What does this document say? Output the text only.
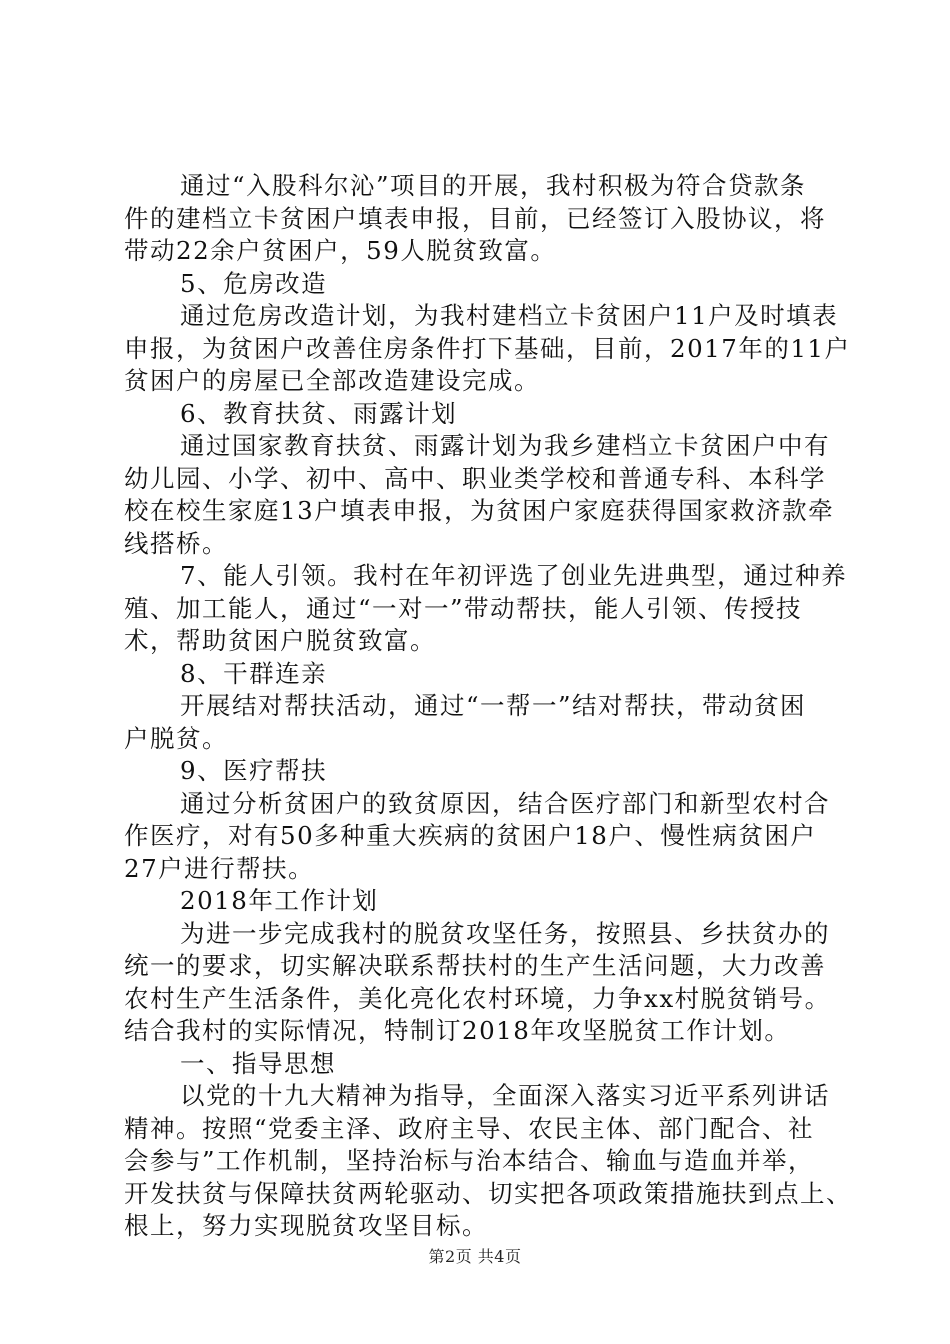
通过“入股科尔沁”项目的开展，我村积极为符合贷款条
件的建档立卡贫困户填表申报，目前，已经签订入股协议，将
带动22余户贫困户，59人脱贫致富。
5、危房改造
通过危房改造计划，为我村建档立卡贫困户11户及时填表
申报，为贫困户改善住房条件打下基础，目前，2017年的11户
贫困户的房屋已全部改造建设完成。
6、教育扶贫、雨露计划
通过国家教育扶贫、雨露计划为我乡建档立卡贫困户中有
幼儿园、小学、初中、高中、职业类学校和普通专科、本科学
校在校生家庭13户填表申报，为贫困户家庭获得国家救济款牵
线搭桥。
7、能人引领。我村在年初评选了创业先进典型，通过种养
殖、加工能人，通过“一对一”带动帮扶，能人引领、传授技
术，帮助贫困户脱贫致富。
8、干群连亲
开展结对帮扶活动，通过“一帮一”结对帮扶，带动贫困
户脱贫。
9、医疗帮扶
通过分析贫困户的致贫原因，结合医疗部门和新型农村合
作医疗，对有50多种重大疾病的贫困户18户、慢性病贫困户
27户进行帮扶。
2018年工作计划
为进一步完成我村的脱贫攻坚任务，按照县、乡扶贫办的
统一的要求，切实解决联系帮扶村的生产生活问题，大力改善
农村生产生活条件，美化亮化农村环境，力争xx村脱贫销号。
结合我村的实际情况，特制订2018年攻坚脱贫工作计划。
一、指导思想
以党的十九大精神为指导，全面深入落实习近平系列讲话
精神。按照“党委主泽、政府主导、农民主体、部门配合、社
会参与”工作机制，坚持治标与治本结合、输血与造血并举，
开发扶贫与保障扶贫两轮驱动、切实把各项政策措施扶到点上、
根上，努力实现脱贫攻坚目标。
第2页 共4页
